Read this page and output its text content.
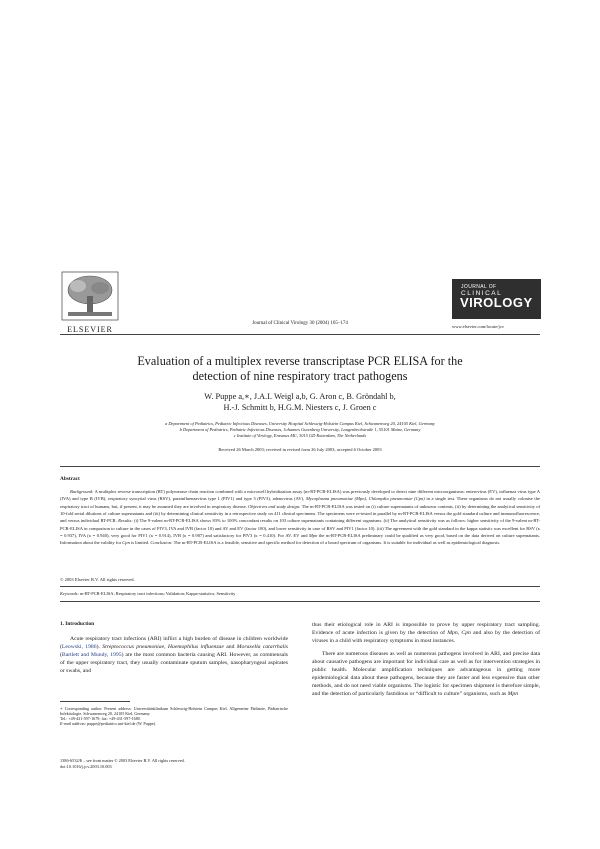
ELSEVIER
Journal of Clinical Virology 30 (2004) 165–174
JOURNAL OF
CLINICAL
VIROLOGY
www.elsevier.com/locate/jcv
Evaluation of a multiplex reverse transcriptase PCR ELISA for the
detection of nine respiratory tract pathogens
W. Puppe a,∗, J.A.I. Weigl a,b, G. Aron c, B. Gröndahl b,
H.-J. Schmitt b, H.G.M. Niesters c, J. Groen c
a Department of Pediatrics, Pediatric Infectious Diseases, University Hospital Schleswig-Holstein Campus Kiel, Schwanenweg 20, 24105 Kiel, Germany
b Department of Pediatrics, Pediatric Infectious Diseases, Johannes Gutenberg University, Langenbeckstraße 1, 55101 Mainz, Germany
c Institute of Virology, Erasmus MC, 3015 GD Rotterdam, The Netherlands
Received 26 March 2003; received in revised form 26 July 2003; accepted 6 October 2003
Abstract
Background: A multiplex reverse transcription (RT) polymerase chain reaction combined with a microwell hybridization assay (m-RT-PCR-ELISA) was previously developed to detect nine different microorganisms: enterovirus (EV), influenza virus type A (IVA) and type B (IVB), respiratory syncytial virus (RSV), parainfluenzavirus type 1 (PIV1) and type 3 (PIV3), adenovirus (AV), Mycoplasma pneumoniae (Mpn), Chlamydia pneumoniae (Cpn) in a single test. These organisms do not usually colonise the respiratory tract of humans, but, if present, it may be assumed they are involved in respiratory disease. Objectives and study design: The m-RT-PCR-ELISA was tested on (i) culture supernatants of unknown contents, (ii) by determining the analytical sensitivity of 10-fold serial dilutions of culture supernatants and (iii) by determining clinical sensitivity in a retrospective study on 411 clinical specimens. The specimens were re-tested in parallel by m-RT-PCR-ELISA versus the gold standard culture and immunofluorescence, and versus individual RT-PCR. Results: (i) The 9-valent m-RT-PCR-ELISA shows 83% to 100% concordant results on 103 culture supernatants containing different organisms. (ii) The analytical sensitivity was as follows: higher sensitivity of the 9-valent m-RT-PCR-ELISA in comparison to culture in the cases of PIV3, IVA and IVB (factor 10) and AV and EV (factor 100), and lower sensitivity in case of RSV and PIV1 (factor 10). (iii) The agreement with the gold standard in the kappa statistic was excellent for RSV (κ = 0.937), IVA (κ = 0.940), very good for PIV1 (κ = 0.914), IVB (κ = 0.907) and satisfactory for PIV3 (κ = 0.410). For AV, EV and Mpn the m-RT-PCR-ELISA preliminary could be qualified as very good, based on the data derived on culture supernatants. Information about the validity for Cpn is limited. Conclusion: The m-RT-PCR-ELISA is a feasible, sensitive and specific method for detection of a broad spectrum of organisms. It is suitable for individual as well as epidemiological diagnosis.
© 2003 Elsevier B.V. All rights reserved.
Keywords: m-RT-PCR-ELISA; Respiratory tract infections; Validation; Kappa-statistics; Sensitivity
1. Introduction
Acute respiratory tract infections (ARI) inflict a high burden of disease in children worldwide (Leowski, 1986). Streptococcus pneumoniae, Haemophilus influenzae and Moraxella catarrhalis (Bartlett and Mundy, 1995) are the most common bacteria causing ARI. However, as commensals of the upper respiratory tract, they usually contaminate sputum samples, nasopharyngeal aspirates or swabs, and

thus their etiological role in ARI is impossible to prove by upper respiratory tract sampling. Evidence of acute infection is given by the detection of Mpn, Cpn and also by the detection of viruses in a child with respiratory symptoms in most instances.

There are numerous diseases as well as numerous pathogens involved in ARI, and precise data about causative pathogens are important for individual care as well as for intervention strategies in public health. Molecular amplification techniques are advantageous in getting more epidemiological data about these pathogens, because they are faster and less expensive than other methods, and do not need viable organisms. The logistic for specimen shipment is therefore simple, and the detection of particularly fastidious or “difficult to culture” organisms, such as Mpn

∗ Corresponding author. Present address: Universitätsklinikum Schleswig-Holstein Campus Kiel, Allgemeine Pädiatrie, Pädiatrische Infektiologie, Schwanenweg 20, 24105 Kiel, Germany.
Tel.: +49-431-597-1679; fax: +49-431-597-1680.
E-mail address: puppe@pediatrics.uni-kiel.de (W. Puppe).
1386-6532/$ – see front matter © 2003 Elsevier B.V. All rights reserved.
doi:10.1016/j.jcv.2003.10.003
